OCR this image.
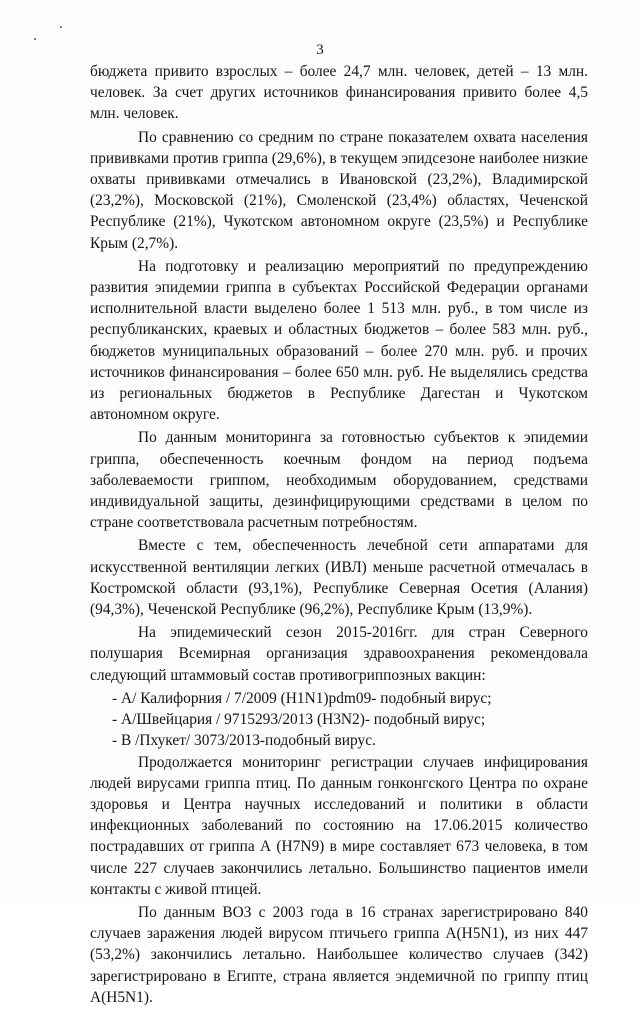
3

бюджета привито взрослых – более 24,7 млн. человек, детей – 13 млн. человек. За счет других источников финансирования привито более 4,5 млн. человек.

По сравнению со средним по стране показателем охвата населения прививками против гриппа (29,6%), в текущем эпидсезоне наиболее низкие охваты прививками отмечались в Ивановской (23,2%), Владимирской (23,2%), Московской (21%), Смоленской (23,4%) областях, Чеченской Республике (21%), Чукотском автономном округе (23,5%) и Республике Крым (2,7%).

На подготовку и реализацию мероприятий по предупреждению развития эпидемии гриппа в субъектах Российской Федерации органами исполнительной власти выделено более 1 513 млн. руб., в том числе из республиканских, краевых и областных бюджетов – более 583 млн. руб., бюджетов муниципальных образований – более 270 млн. руб. и прочих источников финансирования – более 650 млн. руб. Не выделялись средства из региональных бюджетов в Республике Дагестан и Чукотском автономном округе.

По данным мониторинга за готовностью субъектов к эпидемии гриппа, обеспеченность коечным фондом на период подъема заболеваемости гриппом, необходимым оборудованием, средствами индивидуальной защиты, дезинфицирующими средствами в целом по стране соответствовала расчетным потребностям.

Вместе с тем, обеспеченность лечебной сети аппаратами для искусственной вентиляции легких (ИВЛ) меньше расчетной отмечалась в Костромской области (93,1%), Республике Северная Осетия (Алания) (94,3%), Чеченской Республике (96,2%), Республике Крым (13,9%).

На эпидемический сезон 2015-2016гг. для стран Северного полушария Всемирная организация здравоохранения рекомендовала следующий штаммовый состав противогриппозных вакцин:

- А/ Калифорния / 7/2009 (H1N1)pdm09- подобный вирус;

- А/Швейцария / 9715293/2013 (H3N2)- подобный вирус;

- В /Пхукет/ 3073/2013-подобный вирус.

Продолжается мониторинг регистрации случаев инфицирования людей вирусами гриппа птиц. По данным гонконгского Центра по охране здоровья и Центра научных исследований и политики в области инфекционных заболеваний по состоянию на 17.06.2015 количество пострадавших от гриппа А (H7N9) в мире составляет 673 человека, в том числе 227 случаев закончились летально. Большинство пациентов имели контакты с живой птицей.

По данным ВОЗ с 2003 года в 16 странах зарегистрировано 840 случаев заражения людей вирусом птичьего гриппа А(H5N1), из них 447 (53,2%) закончились летально. Наибольшее количество случаев (342) зарегистрировано в Египте, страна является эндемичной по гриппу птиц А(H5N1).
